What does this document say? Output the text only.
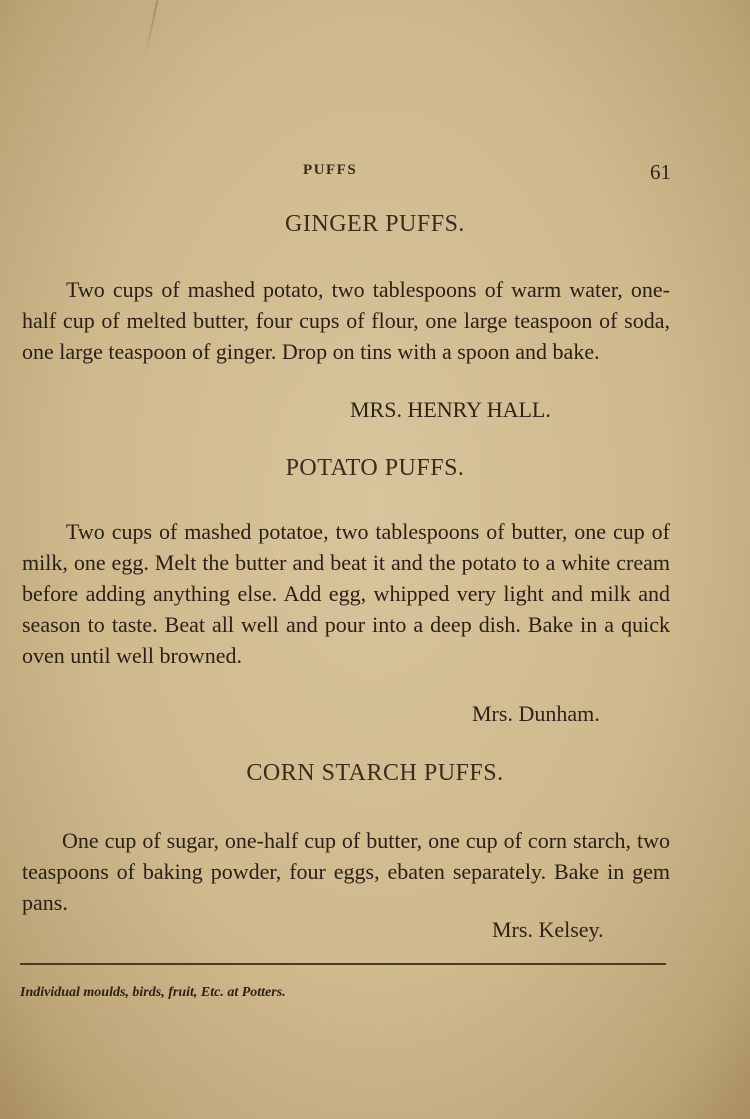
PUFFS	61
GINGER PUFFS.

Two cups of mashed potato, two tablespoons of warm water, one-half cup of melted butter, four cups of flour, one large teaspoon of soda, one large teaspoon of ginger. Drop on tins with a spoon and bake.

MRS. HENRY HALL.
POTATO PUFFS.

Two cups of mashed potatoe, two tablespoons of butter, one cup of milk, one egg. Melt the butter and beat it and the potato to a white cream before adding anything else. Add egg, whipped very light and milk and season to taste. Beat all well and pour into a deep dish. Bake in a quick oven until well browned.

Mrs. Dunham.
CORN STARCH PUFFS.

One cup of sugar, one-half cup of butter, one cup of corn starch, two teaspoons of baking powder, four eggs, ebaten separately. Bake in gem pans.

Mrs. Kelsey.
Individual moulds, birds, fruit, Etc. at Potters.
